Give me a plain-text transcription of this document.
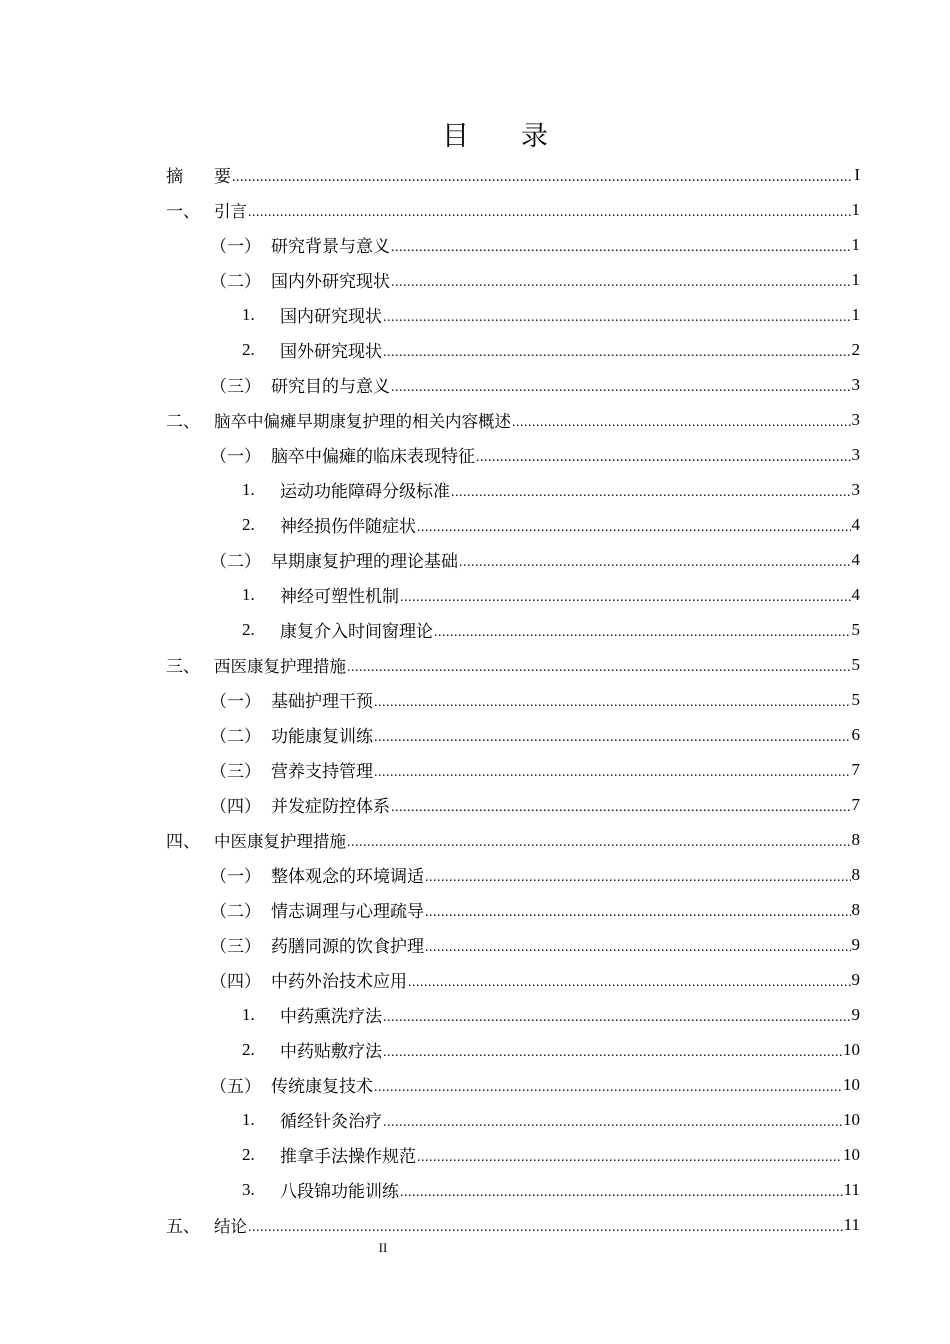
目 录
摘	要 .....	I
一、 引言 .....	1
（一） 研究背景与意义 .....	1
（二） 国内外研究现状 .....	1
1.	国内研究现状 .....	1
2.	国外研究现状 .....	2
（三） 研究目的与意义 .....	3
二、 脑卒中偏瘫早期康复护理的相关内容概述 .....	3
（一） 脑卒中偏瘫的临床表现特征 .....	3
1.	运动功能障碍分级标准 .....	3
2.	神经损伤伴随症状 .....	4
（二） 早期康复护理的理论基础 .....	4
1.	神经可塑性机制 .....	4
2.	康复介入时间窗理论 .....	5
三、 西医康复护理措施 .....	5
（一） 基础护理干预 .....	5
（二） 功能康复训练 .....	6
（三） 营养支持管理 .....	7
（四） 并发症防控体系 .....	7
四、 中医康复护理措施 .....	8
（一） 整体观念的环境调适 .....	8
（二） 情志调理与心理疏导 .....	8
（三） 药膳同源的饮食护理 .....	9
（四） 中药外治技术应用 .....	9
1.	中药熏洗疗法 .....	9
2.	中药贴敷疗法 .....	10
（五） 传统康复技术 .....	10
1.	循经针灸治疗 .....	10
2.	推拿手法操作规范 .....	10
3.	八段锦功能训练 .....	11
五、 结论 .....	11
II
